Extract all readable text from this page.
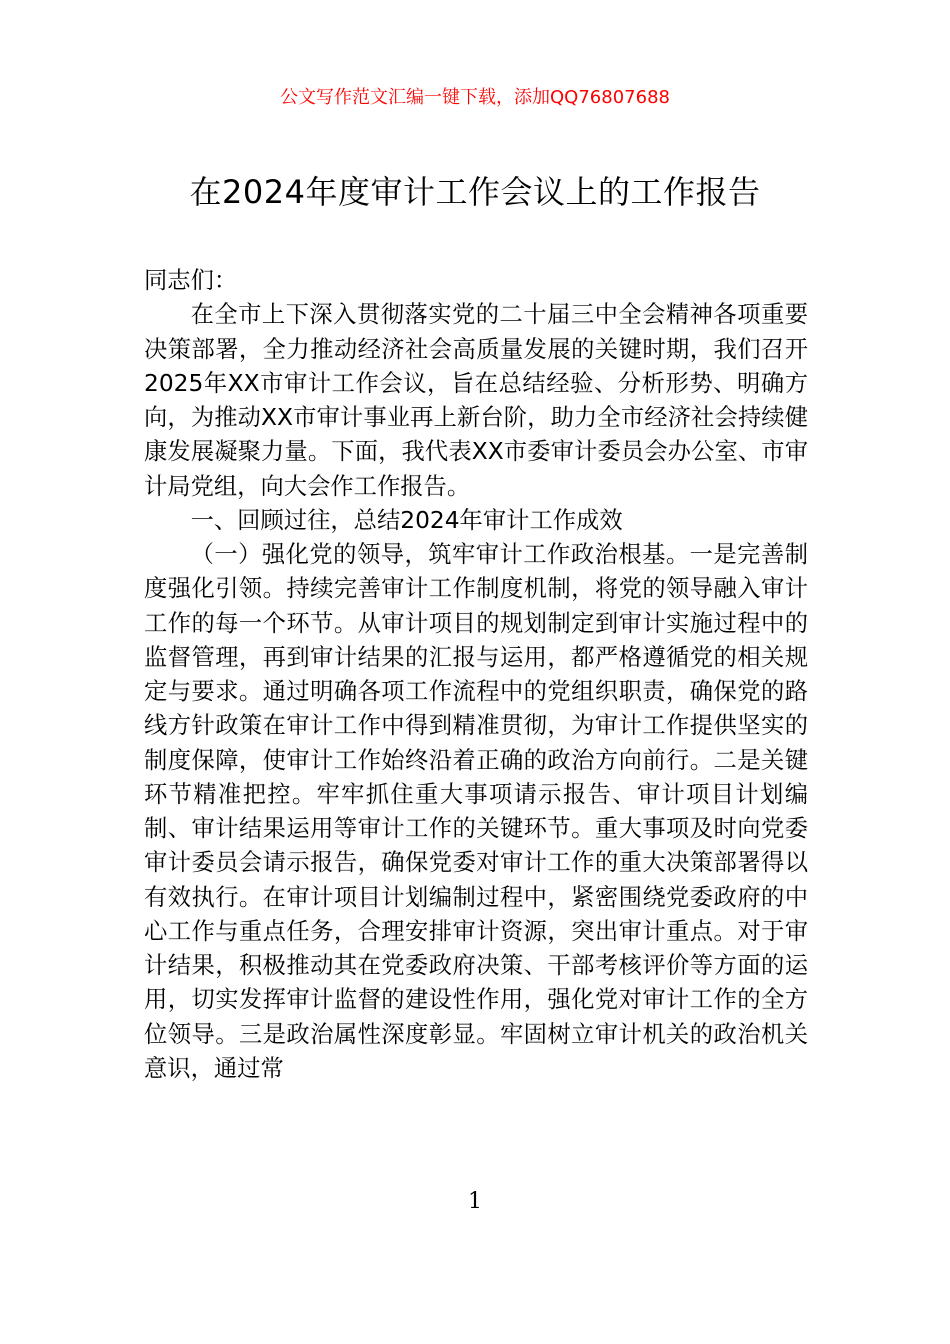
公文写作范文汇编一键下载，添加QQ76807688
在2024年度审计工作会议上的工作报告

同志们：

在全市上下深入贯彻落实党的二十届三中全会精神各项重要决策部署，全力推动经济社会高质量发展的关键时期，我们召开2025年XX市审计工作会议，旨在总结经验、分析形势、明确方向，为推动XX市审计事业再上新台阶，助力全市经济社会持续健康发展凝聚力量。下面，我代表XX市委审计委员会办公室、市审计局党组，向大会作工作报告。

一、回顾过往，总结2024年审计工作成效

（一）强化党的领导，筑牢审计工作政治根基。一是完善制度强化引领。持续完善审计工作制度机制，将党的领导融入审计工作的每一个环节。从审计项目的规划制定到审计实施过程中的监督管理，再到审计结果的汇报与运用，都严格遵循党的相关规定与要求。通过明确各项工作流程中的党组织职责，确保党的路线方针政策在审计工作中得到精准贯彻，为审计工作提供坚实的制度保障，使审计工作始终沿着正确的政治方向前行。二是关键环节精准把控。牢牢抓住重大事项请示报告、审计项目计划编制、审计结果运用等审计工作的关键环节。重大事项及时向党委审计委员会请示报告，确保党委对审计工作的重大决策部署得以有效执行。在审计项目计划编制过程中，紧密围绕党委政府的中心工作与重点任务，合理安排审计资源，突出审计重点。对于审计结果，积极推动其在党委政府决策、干部考核评价等方面的运用，切实发挥审计监督的建设性作用，强化党对审计工作的全方位领导。三是政治属性深度彰显。牢固树立审计机关的政治机关意识，通过常

1
